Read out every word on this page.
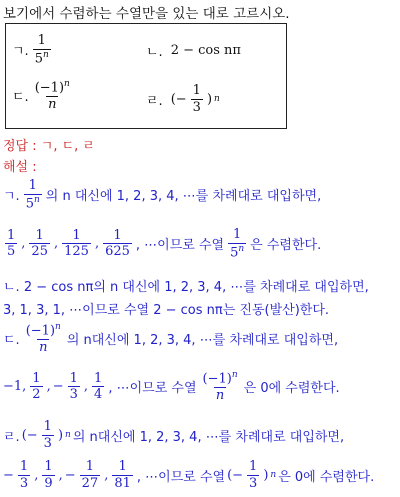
보기에서 수렴하는 수열만을 있는 대로 고르시오.
ㄱ. $\frac{1}{5^n}$	ㄴ. 2 − cos nπ
ㄷ. $\frac{(-1)^n}{n}$	ㄹ. (− $\frac{1}{3}$ ) n
정답 : ㄱ, ㄷ, ㄹ
해설 :
ㄱ. $\frac{1}{5^n}$ 의 n 대신에 1, 2, 3, 4, ⋯를 차례대로 대입하면,
$\frac{1}{5}$ , $\frac{1}{25}$ , $\frac{1}{125}$ , $\frac{1}{625}$ , ⋯이므로 수열 $\frac{1}{5^n}$ 은 수렴한다.
ㄴ. 2 − cos nπ의 n 대신에 1, 2, 3, 4, ⋯를 차례대로 대입하면,
3, 1, 3, 1, ⋯이므로 수열 2 − cos nπ는 진동(발산)한다.
ㄷ. $\frac{(-1)^n}{n}$ 의 n대신에 1, 2, 3, 4, ⋯를 차례대로 대입하면,
−1, $\frac{1}{2}$ , − $\frac{1}{3}$ , $\frac{1}{4}$ , ⋯이므로 수열 $\frac{(-1)^n}{n}$ 은 0에 수렴한다.
ㄹ. (− $\frac{1}{3}$ ) n 의 n대신에 1, 2, 3, 4, ⋯를 차례대로 대입하면,
− $\frac{1}{3}$ , $\frac{1}{9}$ , − $\frac{1}{27}$ , $\frac{1}{81}$ , ⋯이므로 수열 (− $\frac{1}{3}$ ) n 은 0에 수렴한다.
